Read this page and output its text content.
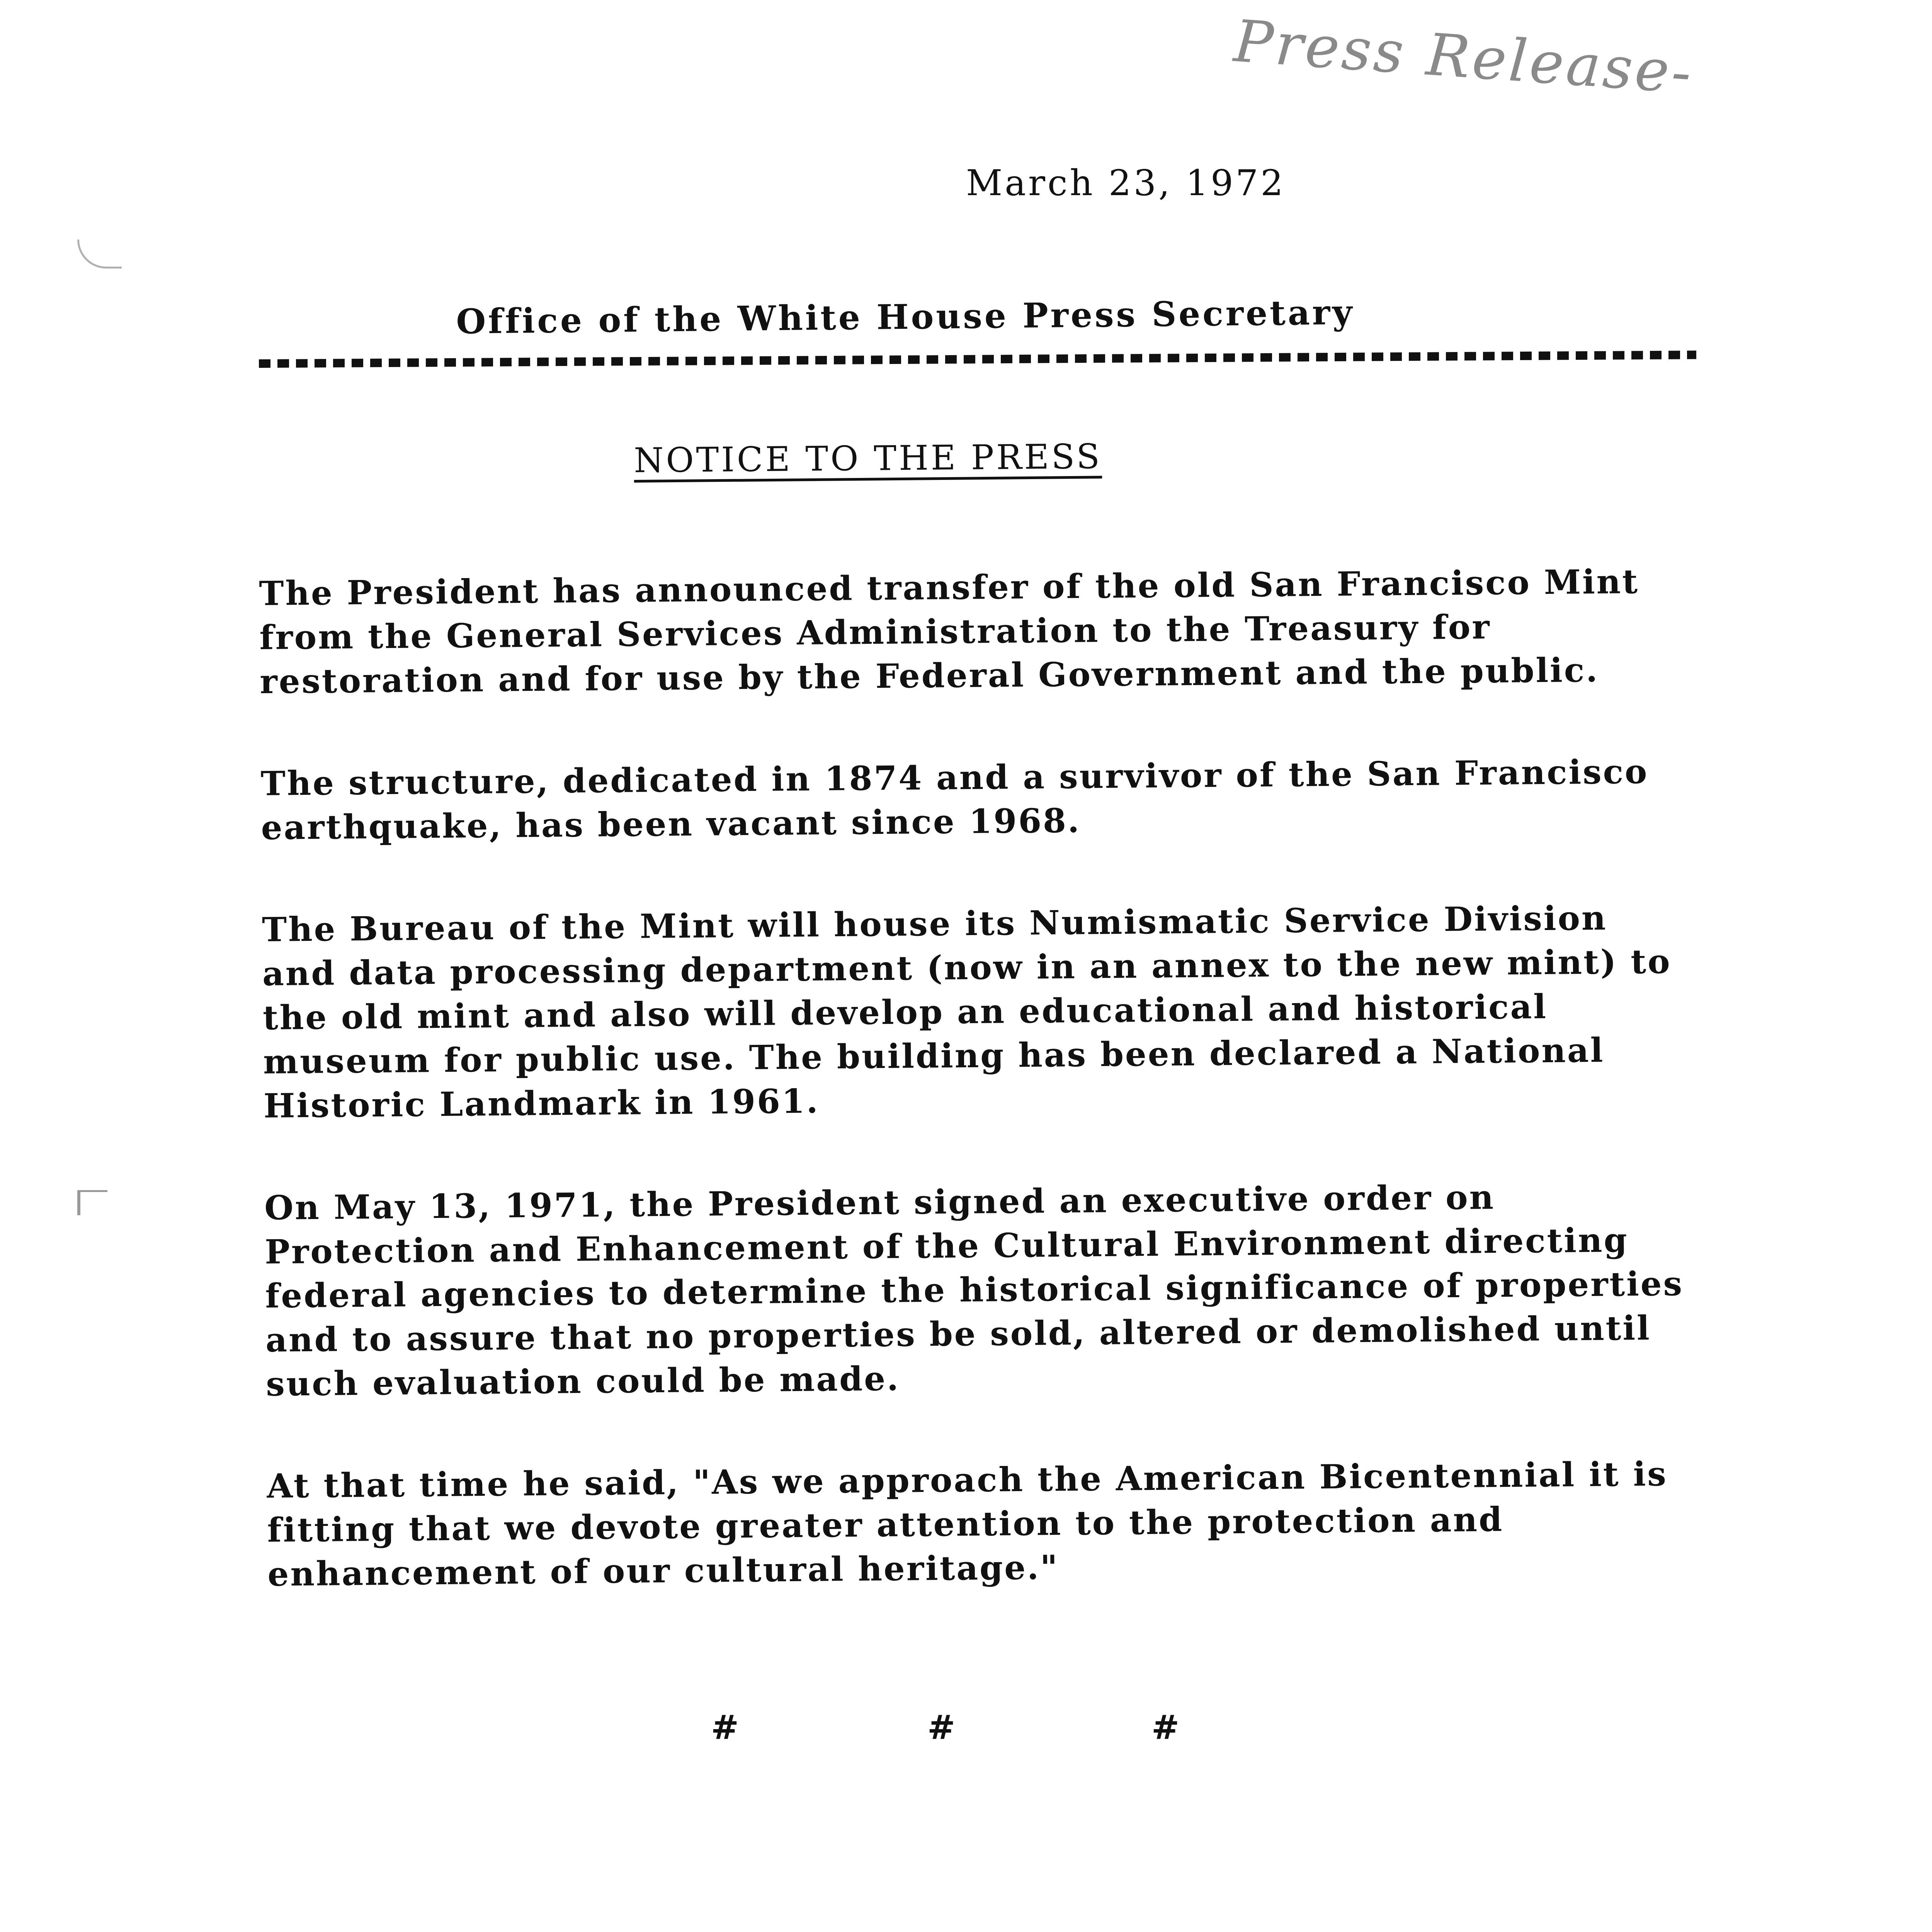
Press Release-
March 23, 1972
Office of the White House Press Secretary
NOTICE TO THE PRESS

The President has announced transfer of the old San Francisco Mint from the General Services Administration to the Treasury for restoration and for use by the Federal Government and the public.

The structure, dedicated in 1874 and a survivor of the San Francisco earthquake, has been vacant since 1968.

The Bureau of the Mint will house its Numismatic Service Division and data processing department (now in an annex to the new mint) to the old mint and also will develop an educational and historical museum for public use. The building has been declared a National Historic Landmark in 1961.

On May 13, 1971, the President signed an executive order on Protection and Enhancement of the Cultural Environment directing federal agencies to determine the historical significance of properties and to assure that no properties be sold, altered or demolished until such evaluation could be made.

At that time he said, "As we approach the American Bicentennial it is fitting that we devote greater attention to the protection and enhancement of our cultural heritage."

#	#	#
